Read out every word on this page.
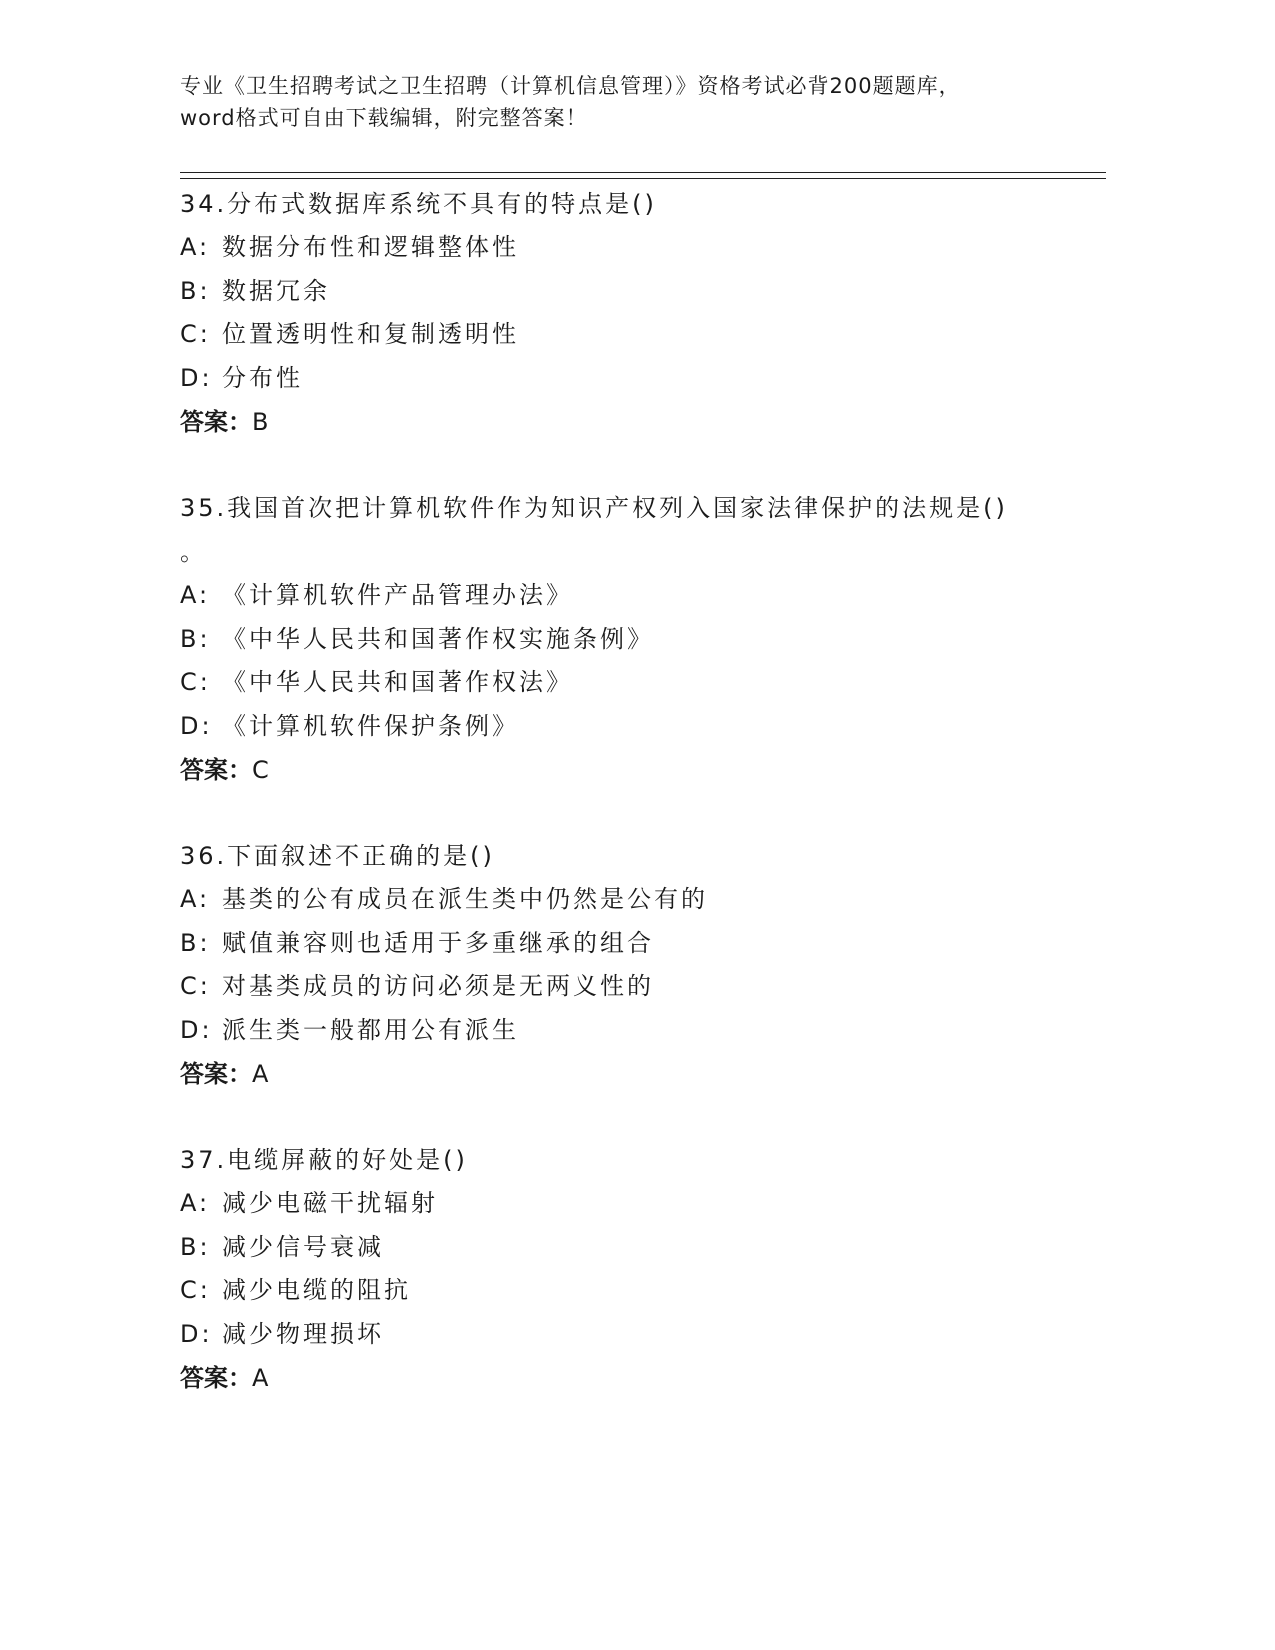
专业《卫生招聘考试之卫生招聘（计算机信息管理）》资格考试必背200题题库，
word格式可自由下载编辑，附完整答案！
34.分布式数据库系统不具有的特点是()
A: 数据分布性和逻辑整体性
B: 数据冗余
C: 位置透明性和复制透明性
D: 分布性
答案：B
35.我国首次把计算机软件作为知识产权列入国家法律保护的法规是()
。
A: 《计算机软件产品管理办法》
B: 《中华人民共和国著作权实施条例》
C: 《中华人民共和国著作权法》
D: 《计算机软件保护条例》
答案：C
36.下面叙述不正确的是()
A: 基类的公有成员在派生类中仍然是公有的
B: 赋值兼容则也适用于多重继承的组合
C: 对基类成员的访问必须是无两义性的
D: 派生类一般都用公有派生
答案：A
37.电缆屏蔽的好处是()
A: 减少电磁干扰辐射
B: 减少信号衰减
C: 减少电缆的阻抗
D: 减少物理损坏
答案：A
